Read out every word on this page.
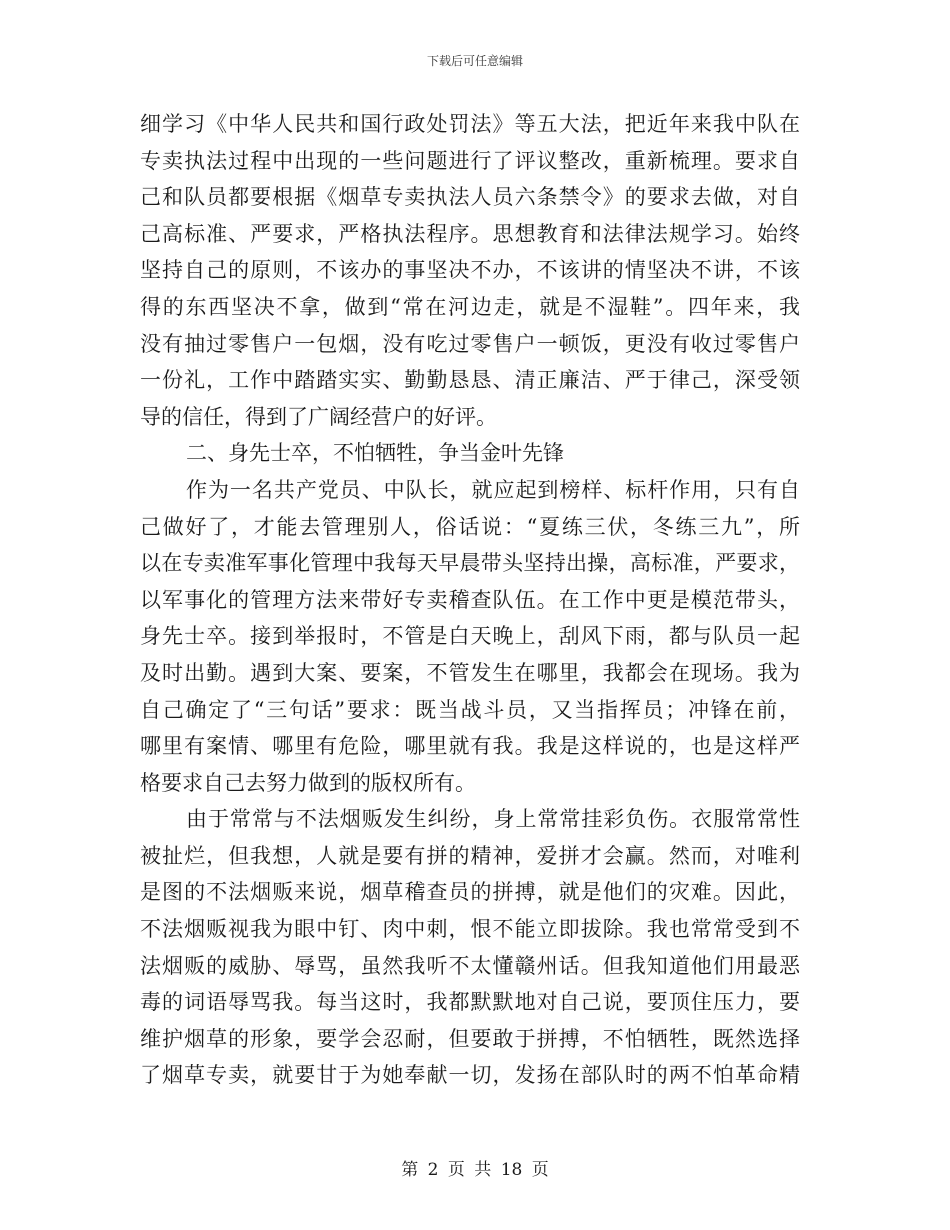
下载后可任意编辑
细学习《中华人民共和国行政处罚法》等五大法，把近年来我中队在
专卖执法过程中出现的一些问题进行了评议整改，重新梳理。要求自
己和队员都要根据《烟草专卖执法人员六条禁令》的要求去做，对自
己高标准、严要求，严格执法程序。思想教育和法律法规学习。始终
坚持自己的原则，不该办的事坚决不办，不该讲的情坚决不讲，不该
得的东西坚决不拿，做到“常在河边走，就是不湿鞋”。四年来，我
没有抽过零售户一包烟，没有吃过零售户一顿饭，更没有收过零售户
一份礼，工作中踏踏实实、勤勤恳恳、清正廉洁、严于律己，深受领
导的信任，得到了广阔经营户的好评。
二、身先士卒，不怕牺牲，争当金叶先锋
作为一名共产党员、中队长，就应起到榜样、标杆作用，只有自
己做好了，才能去管理别人，俗话说：“夏练三伏，冬练三九”，所
以在专卖准军事化管理中我每天早晨带头坚持出操，高标准，严要求，
以军事化的管理方法来带好专卖稽查队伍。在工作中更是模范带头，
身先士卒。接到举报时，不管是白天晚上，刮风下雨，都与队员一起
及时出勤。遇到大案、要案，不管发生在哪里，我都会在现场。我为
自己确定了“三句话”要求：既当战斗员，又当指挥员；冲锋在前，
哪里有案情、哪里有危险，哪里就有我。我是这样说的，也是这样严
格要求自己去努力做到的版权所有。
由于常常与不法烟贩发生纠纷，身上常常挂彩负伤。衣服常常性
被扯烂，但我想，人就是要有拼的精神，爱拼才会赢。然而，对唯利
是图的不法烟贩来说，烟草稽查员的拼搏，就是他们的灾难。因此，
不法烟贩视我为眼中钉、肉中刺，恨不能立即拔除。我也常常受到不
法烟贩的威胁、辱骂，虽然我听不太懂赣州话。但我知道他们用最恶
毒的词语辱骂我。每当这时，我都默默地对自己说，要顶住压力，要
维护烟草的形象，要学会忍耐，但要敢于拼搏，不怕牺牲，既然选择
了烟草专卖，就要甘于为她奉献一切，发扬在部队时的两不怕革命精
第 2 页 共 18 页
